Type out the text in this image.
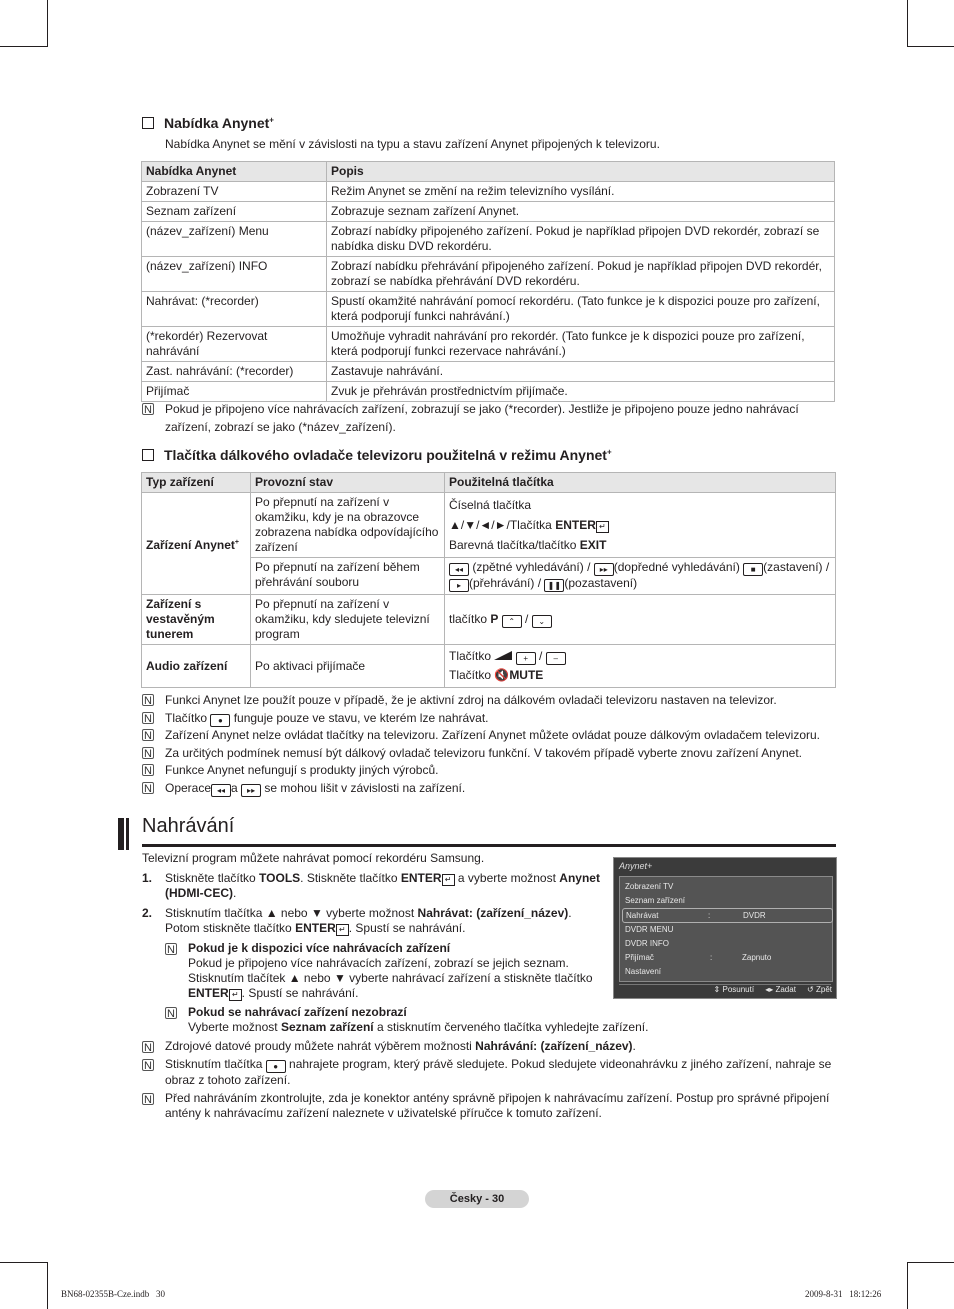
Nabídka Anynet+
Nabídka Anynet se mění v závislosti na typu a stavu zařízení Anynet připojených k televizoru.
Nabídka Anynet	Popis
Zobrazení TV	Režim Anynet se změní na režim televizního vysílání.
Seznam zařízení	Zobrazuje seznam zařízení Anynet.
(název_zařízení) Menu	Zobrazí nabídky připojeného zařízení. Pokud je například připojen DVD rekordér, zobrazí se nabídka disku DVD rekordéru.
(název_zařízení) INFO	Zobrazí nabídku přehrávání připojeného zařízení. Pokud je například připojen DVD rekordér, zobrazí se nabídka přehrávání DVD rekordéru.
Nahrávat: (*recorder)	Spustí okamžité nahrávání pomocí rekordéru. (Tato funkce je k dispozici pouze pro zařízení, která podporují funkci nahrávání.)
(*rekordér) Rezervovat nahrávání	Umožňuje vyhradit nahrávání pro rekordér. (Tato funkce je k dispozici pouze pro zařízení, která podporují funkci rezervace nahrávání.)
Zast. nahrávání: (*recorder)	Zastavuje nahrávání.
Přijímač	Zvuk je přehráván prostřednictvím přijímače.
N Pokud je připojeno více nahrávacích zařízení, zobrazují se jako (*recorder). Jestliže je připojeno pouze jedno nahrávací zařízení, zobrazí se jako (*název_zařízení).
Tlačítka dálkového ovladače televizoru použitelná v režimu Anynet+
Typ zařízení	Provozní stav	Použitelná tlačítka
Zařízení Anynet+	Po přepnutí na zařízení v okamžiku, kdy je na obrazovce zobrazena nabídka odpovídajícího zařízení	Číselná tlačítka
▲/▼/◄/►/Tlačítka ENTER ↵
Barevná tlačítka/tlačítko EXIT

	Po přepnutí na zařízení během přehrávání souboru	◂◂ (zpětné vyhledávání) / ▸▸ (dopředné vyhledávání) ■ (zastavení) /
▸ (přehrávání) / ❚❚ (pozastavení)
Zařízení s vestavěným tunerem	Po přepnutí na zařízení v okamžiku, kdy sledujete televizní program	tlačítko P ⌃ / ⌄
Audio zařízení	Po aktivaci přijímače	Tlačítko + / –
Tlačítko 🔇MUTE
N Funkci Anynet lze použít pouze v případě, že je aktivní zdroj na dálkovém ovladači televizoru nastaven na televizor.
N Tlačítko ● funguje pouze ve stavu, ve kterém lze nahrávat.
N Zařízení Anynet nelze ovládat tlačítky na televizoru. Zařízení Anynet můžete ovládat pouze dálkovým ovladačem televizoru.
N Za určitých podmínek nemusí být dálkový ovladač televizoru funkční. V takovém případě vyberte znovu zařízení Anynet.
N Funkce Anynet nefungují s produkty jiných výrobců.
N Operace ◂◂ a ▸▸ se mohou lišit v závislosti na zařízení.
Nahrávání
Televizní program můžete nahrávat pomocí rekordéru Samsung.
1. Stiskněte tlačítko TOOLS. Stiskněte tlačítko ENTER ↵ a vyberte možnost Anynet (HDMI-CEC).
2. Stisknutím tlačítka ▲ nebo ▼ vyberte možnost Nahrávat: (zařízení_název). Potom stiskněte tlačítko ENTER ↵ . Spustí se nahrávání.
N Pokud je k dispozici více nahrávacích zařízení
Pokud je připojeno více nahrávacích zařízení, zobrazí se jejich seznam. Stisknutím tlačítek ▲ nebo ▼ vyberte nahrávací zařízení a stiskněte tlačítko ENTER ↵ . Spustí se nahrávání.
N Pokud se nahrávací zařízení nezobrazí
Vyberte možnost Seznam zařízení a stisknutím červeného tlačítka vyhledejte zařízení.
N Zdrojové datové proudy můžete nahrát výběrem možnosti Nahrávání: (zařízení_název).
N Stisknutím tlačítka ● nahrajete program, který právě sledujete. Pokud sledujete videonahrávku z jiného zařízení, nahraje se obraz z tohoto zařízení.
N Před nahráváním zkontrolujte, zda je konektor antény správně připojen k nahrávacímu zařízení. Postup pro správné připojení antény k nahrávacímu zařízení naleznete v uživatelské příručce k tomuto zařízení.
Anynet+
Zobrazení TV
Seznam zařízení
Nahrávat	:	DVDR
DVDR MENU
DVDR INFO
Přijímač	:	Zapnuto
Nastavení
⇕ Posunutí ◂▸ Zadat ↺ Zpět
Česky - 30
BN68-02355B-Cze.indb   30	2009-8-31   18:12:26
